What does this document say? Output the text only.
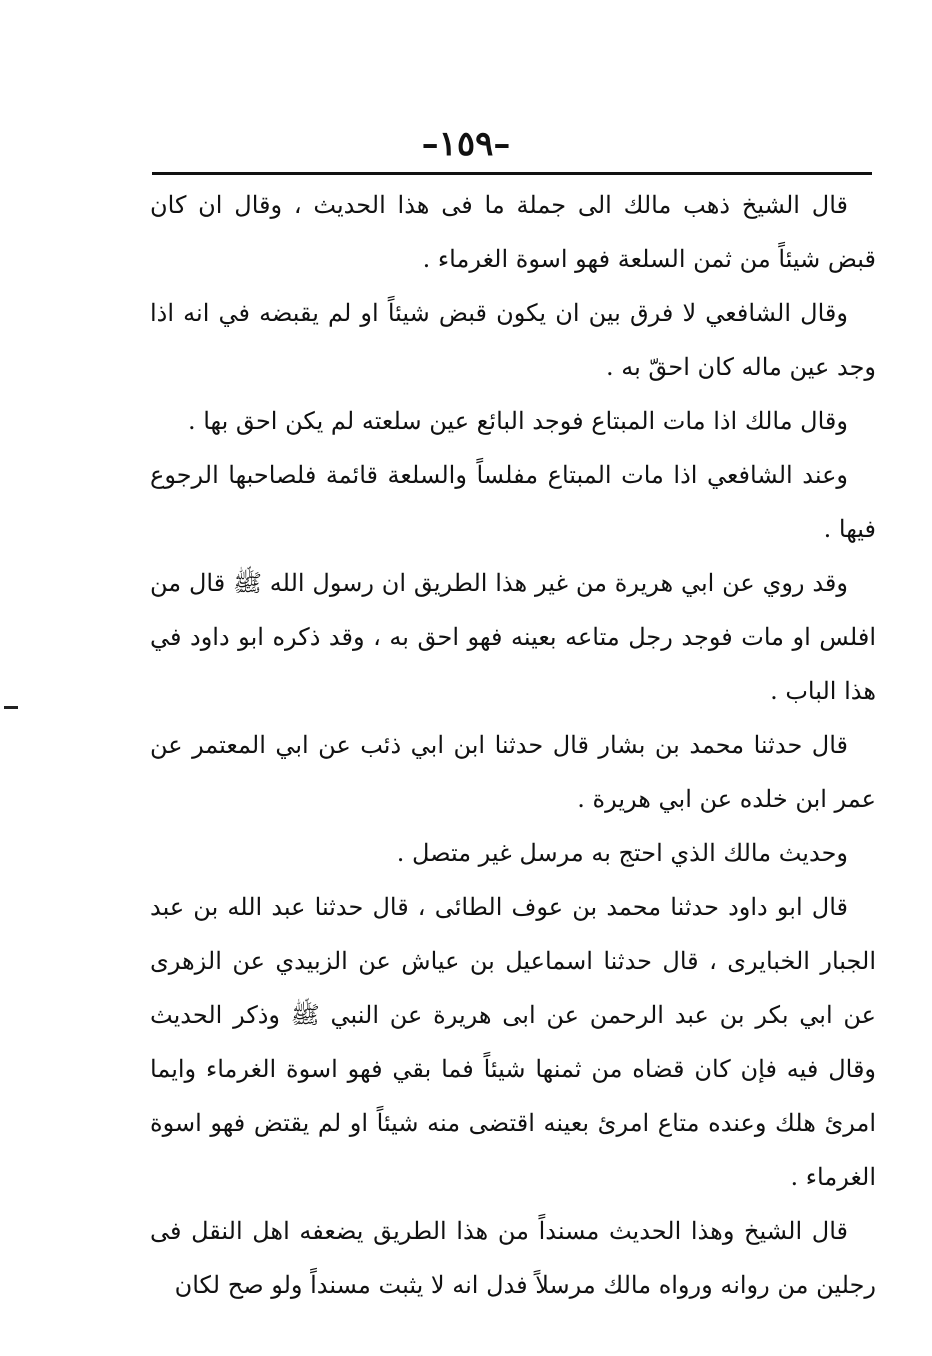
–١٥٩–

قال الشيخ ذهب مالك الى جملة ما فى هذا الحديث ، وقال ان كان قبض شيئاً من ثمن السلعة فهو اسوة الغرماء .

وقال الشافعي لا فرق بين ان يكون قبض شيئاً او لم يقبضه في انه اذا وجد عين ماله كان احقّ به .

وقال مالك اذا مات المبتاع فوجد البائع عين سلعته لم يكن احق بها .

وعند الشافعي اذا مات المبتاع مفلساً والسلعة قائمة فلصاحبها الرجوع فيها .

وقد روي عن ابي هريرة من غير هذا الطريق ان رسول الله ﷺ قال من افلس او مات فوجد رجل متاعه بعينه فهو احق به ، وقد ذكره ابو داود في هذا الباب .

قال حدثنا محمد بن بشار قال حدثنا ابن ابي ذئب عن ابي المعتمر عن عمر ابن خلده عن ابي هريرة .

وحديث مالك الذي احتج به مرسل غير متصل .

قال ابو داود حدثنا محمد بن عوف الطائى ، قال حدثنا عبد الله بن عبد الجبار الخبايرى ، قال حدثنا اسماعيل بن عياش عن الزبيدي عن الزهرى عن ابي بكر بن عبد الرحمن عن ابى هريرة عن النبي ﷺ وذكر الحديث وقال فيه فإن كان قضاه من ثمنها شيئاً فما بقي فهو اسوة الغرماء وايما امرئ هلك وعنده متاع امرئ بعينه اقتضى منه شيئاً او لم يقتض فهو اسوة الغرماء .

قال الشيخ وهذا الحديث مسنداً من هذا الطريق يضعفه اهل النقل فى رجلين من روانه ورواه مالك مرسلاً فدل انه لا يثبت مسنداً ولو صح لكان
